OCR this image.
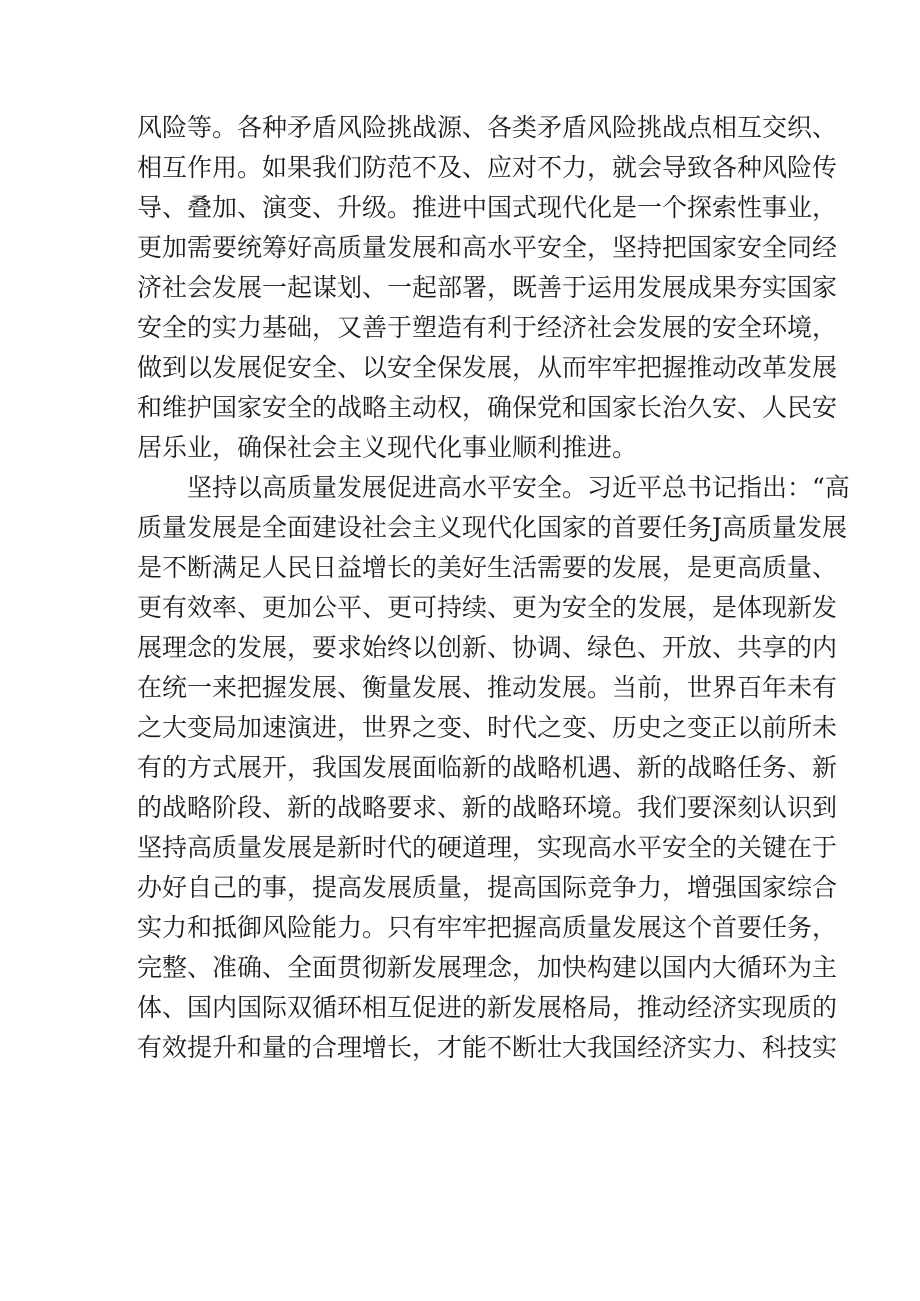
风险等。各种矛盾风险挑战源、各类矛盾风险挑战点相互交织、
相互作用。如果我们防范不及、应对不力，就会导致各种风险传
导、叠加、演变、升级。推进中国式现代化是一个探索性事业，
更加需要统筹好高质量发展和高水平安全，坚持把国家安全同经
济社会发展一起谋划、一起部署，既善于运用发展成果夯实国家
安全的实力基础，又善于塑造有利于经济社会发展的安全环境，
做到以发展促安全、以安全保发展，从而牢牢把握推动改革发展
和维护国家安全的战略主动权，确保党和国家长治久安、人民安
居乐业，确保社会主义现代化事业顺利推进。
坚持以高质量发展促进高水平安全。习近平总书记指出：“高
质量发展是全面建设社会主义现代化国家的首要任务J高质量发展
是不断满足人民日益增长的美好生活需要的发展，是更高质量、
更有效率、更加公平、更可持续、更为安全的发展，是体现新发
展理念的发展，要求始终以创新、协调、绿色、开放、共享的内
在统一来把握发展、衡量发展、推动发展。当前，世界百年未有
之大变局加速演进，世界之变、时代之变、历史之变正以前所未
有的方式展开，我国发展面临新的战略机遇、新的战略任务、新
的战略阶段、新的战略要求、新的战略环境。我们要深刻认识到
坚持高质量发展是新时代的硬道理，实现高水平安全的关键在于
办好自己的事，提高发展质量，提高国际竞争力，增强国家综合
实力和抵御风险能力。只有牢牢把握高质量发展这个首要任务，
完整、准确、全面贯彻新发展理念，加快构建以国内大循环为主
体、国内国际双循环相互促进的新发展格局，推动经济实现质的
有效提升和量的合理增长，才能不断壮大我国经济实力、科技实
